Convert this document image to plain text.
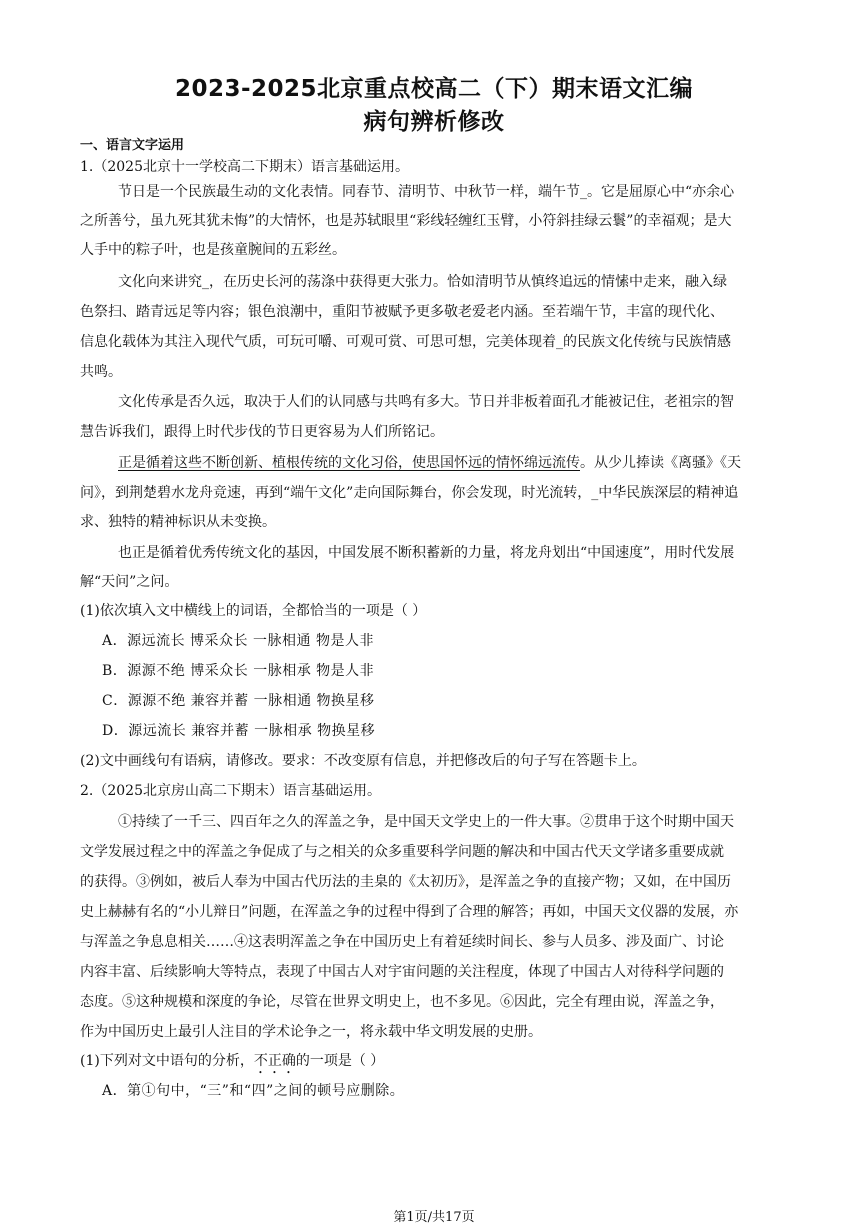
2023-2025北京重点校高二（下）期末语文汇编
病句辨析修改
一、语言文字运用
1.（2025北京十一学校高二下期末）语言基础运用。
节日是一个民族最生动的文化表情。同春节、清明节、中秋节一样，端午节_。它是屈原心中“亦余心
之所善兮，虽九死其犹未悔”的大情怀，也是苏轼眼里“彩线轻缠红玉臂，小符斜挂绿云鬟”的幸福观；是大
人手中的粽子叶，也是孩童腕间的五彩丝。
文化向来讲究_，在历史长河的荡涤中获得更大张力。恰如清明节从慎终追远的情愫中走来，融入绿
色祭扫、踏青远足等内容；银色浪潮中，重阳节被赋予更多敬老爱老内涵。至若端午节，丰富的现代化、
信息化载体为其注入现代气质，可玩可嚼、可观可赏、可思可想，完美体现着_的民族文化传统与民族情感
共鸣。
文化传承是否久远，取决于人们的认同感与共鸣有多大。节日并非板着面孔才能被记住，老祖宗的智
慧告诉我们，跟得上时代步伐的节日更容易为人们所铭记。
正是循着这些不断创新、植根传统的文化习俗，使思国怀远的情怀绵远流传。从少儿捧读《离骚》《天
问》，到荆楚碧水龙舟竞速，再到“端午文化”走向国际舞台，你会发现，时光流转，_中华民族深层的精神追
求、独特的精神标识从未变换。
也正是循着优秀传统文化的基因，中国发展不断积蓄新的力量，将龙舟划出“中国速度”，用时代发展
解“天问”之问。
(1)依次填入文中横线上的词语，全都恰当的一项是（ ）
A．源远流长 博采众长 一脉相通 物是人非
B．源源不绝 博采众长 一脉相承 物是人非
C．源源不绝 兼容并蓄 一脉相通 物换星移
D．源远流长 兼容并蓄 一脉相承 物换星移
(2)文中画线句有语病，请修改。要求：不改变原有信息，并把修改后的句子写在答题卡上。
2.（2025北京房山高二下期末）语言基础运用。
①持续了一千三、四百年之久的浑盖之争，是中国天文学史上的一件大事。②贯串于这个时期中国天
文学发展过程之中的浑盖之争促成了与之相关的众多重要科学问题的解决和中国古代天文学诸多重要成就
的获得。③例如，被后人奉为中国古代历法的圭臬的《太初历》，是浑盖之争的直接产物；又如，在中国历
史上赫赫有名的“小儿辩日”问题，在浑盖之争的过程中得到了合理的解答；再如，中国天文仪器的发展，亦
与浑盖之争息息相关……④这表明浑盖之争在中国历史上有着延续时间长、参与人员多、涉及面广、讨论
内容丰富、后续影响大等特点，表现了中国古人对宇宙问题的关注程度，体现了中国古人对待科学问题的
态度。⑤这种规模和深度的争论，尽管在世界文明史上，也不多见。⑥因此，完全有理由说，浑盖之争，
作为中国历史上最引人注目的学术论争之一，将永载中华文明发展的史册。
(1)下列对文中语句的分析，不正确的一项是（ ）
A．第①句中，“三”和“四”之间的顿号应删除。
第1页/共17页
